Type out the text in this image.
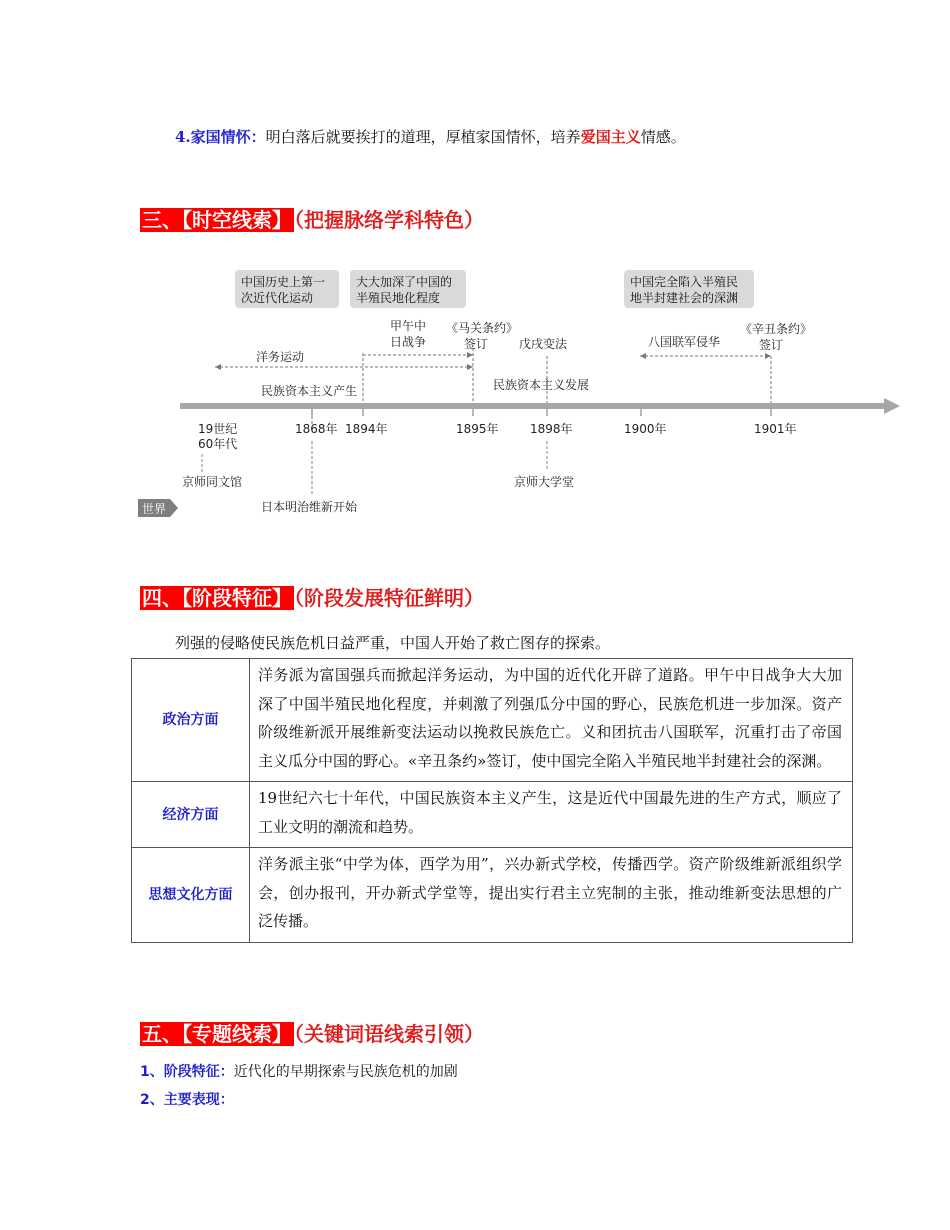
4.家国情怀：明白落后就要挨打的道理，厚植家国情怀，培养爱国主义情感。
三、【时空线索】 （把握脉络学科特色）
中国历史上第一
次近代化运动
大大加深了中国的
半殖民地化程度
中国完全陷入半殖民
地半封建社会的深渊
甲午中
日战争
《马关条约》
签订	戊戌变法	八国联军侵华
《辛丑条约》
签订
洋务运动
民族资本主义产生	民族资本主义发展
19世纪
60年代
1868年 1894年	1895年	1898年	1900年	1901年
京师同文馆	京师大学堂
日本明治维新开始
世界
四、【阶段特征】 （阶段发展特征鲜明）
列强的侵略使民族危机日益严重，中国人开始了救亡图存的探索。
政治方面	洋务派为富国强兵而掀起洋务运动，为中国的近代化开辟了道路。甲午中日战争大大加深了中国半殖民地化程度，并刺激了列强瓜分中国的野心，民族危机进一步加深。资产阶级维新派开展维新变法运动以挽救民族危亡。义和团抗击八国联军，沉重打击了帝国主义瓜分中国的野心。«辛丑条约»签订，使中国完全陷入半殖民地半封建社会的深渊。
经济方面	19世纪六七十年代，中国民族资本主义产生，这是近代中国最先进的生产方式，顺应了工业文明的潮流和趋势。
思想文化方面	洋务派主张“中学为体，西学为用”，兴办新式学校，传播西学。资产阶级维新派组织学会，创办报刊，开办新式学堂等，提出实行君主立宪制的主张，推动维新变法思想的广泛传播。
五、【专题线索】 （关键词语线索引领）
1、阶段特征：近代化的早期探索与民族危机的加剧
2、主要表现：
